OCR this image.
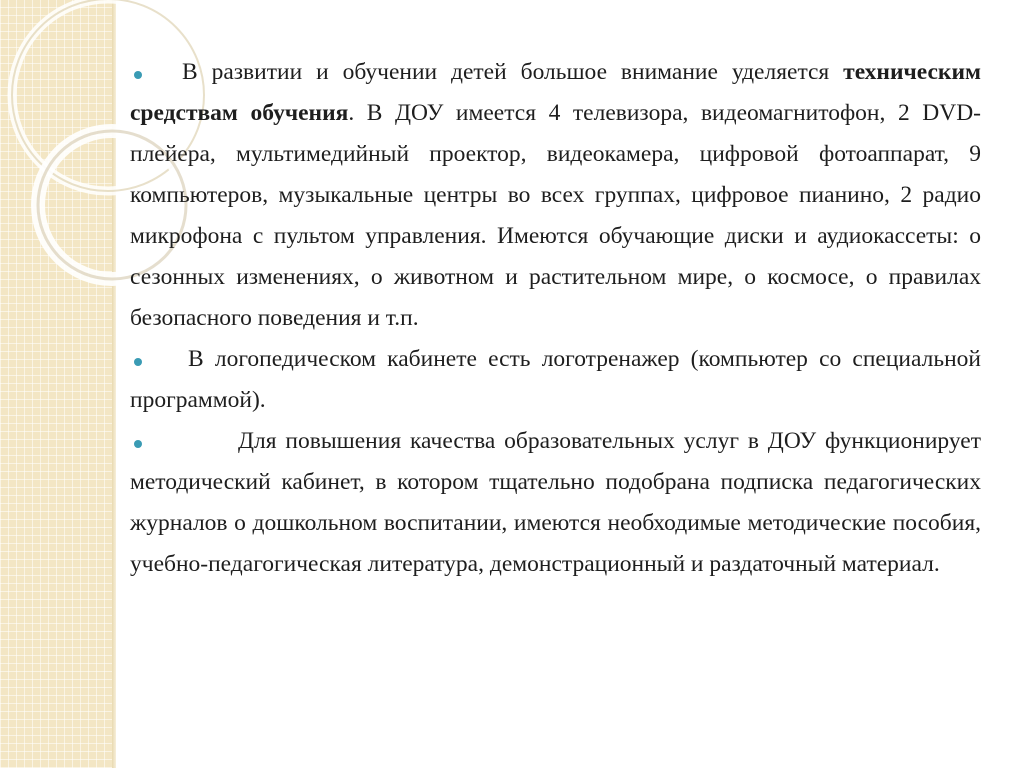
В развитии и обучении детей большое внимание уделяется техническим средствам обучения. В ДОУ имеется 4 телевизора, видеомагнитофон, 2 DVD-плейера, мультимедийный проектор, видеокамера, цифровой фотоаппарат, 9 компьютеров, музыкальные центры во всех группах, цифровое пианино, 2 радио микрофона с пультом управления. Имеются обучающие диски и аудиокассеты: о сезонных изменениях, о животном и растительном мире, о космосе, о правилах безопасного поведения и т.п.

В логопедическом кабинете есть логотренажер (компьютер со специальной программой).

Для повышения качества образовательных услуг в ДОУ функционирует методический кабинет, в котором тщательно подобрана подписка педагогических журналов о дошкольном воспитании, имеются необходимые методические пособия, учебно-педагогическая литература, демонстрационный и раздаточный материал.
